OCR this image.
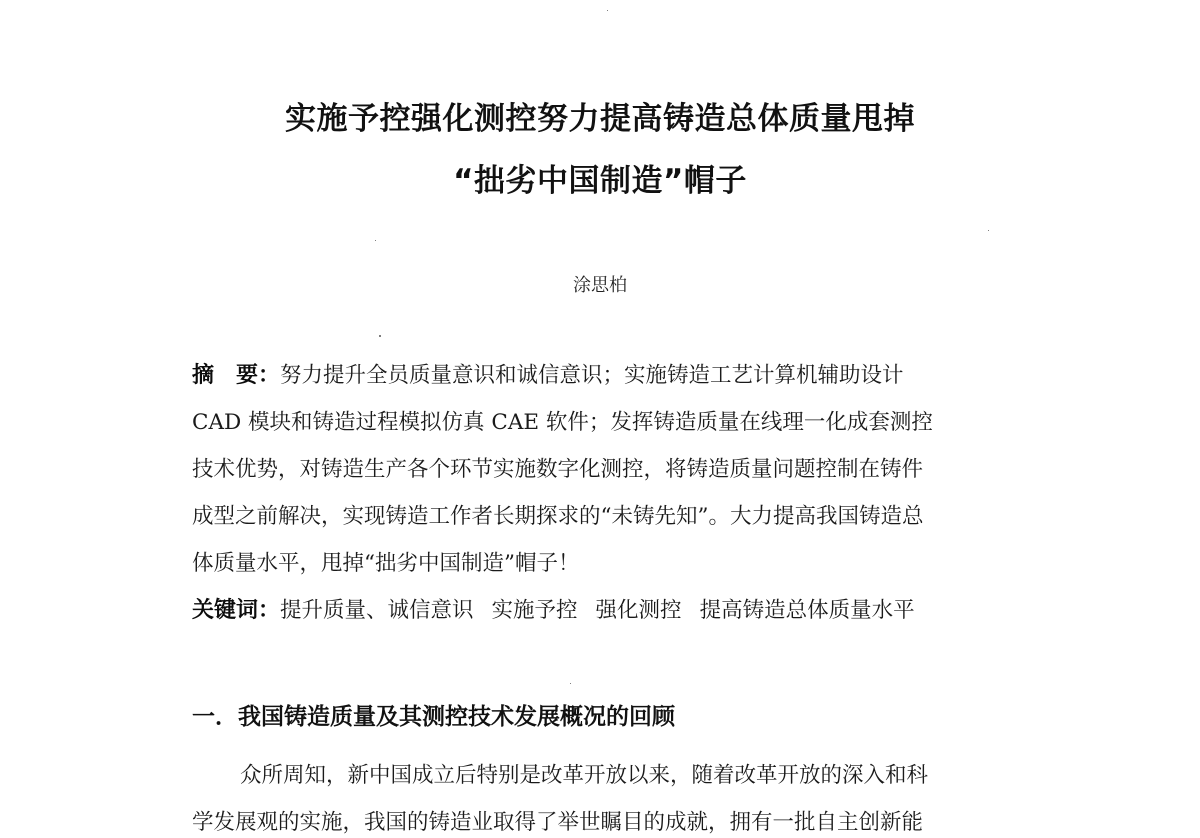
实施予控强化测控努力提高铸造总体质量甩掉
“拙劣中国制造”帽子
涂思柏
摘　要：努力提升全员质量意识和诚信意识；实施铸造工艺计算机辅助设计
CAD 模块和铸造过程模拟仿真 CAE 软件；发挥铸造质量在线理一化成套测控
技术优势，对铸造生产各个环节实施数字化测控，将铸造质量问题控制在铸件
成型之前解决，实现铸造工作者长期探求的“未铸先知”。大力提高我国铸造总
体质量水平，甩掉“拙劣中国制造”帽子！
关键词：提升质量、诚信意识 实施予控 强化测控 提高铸造总体质量水平
一．我国铸造质量及其测控技术发展概况的回顾
众所周知，新中国成立后特别是改革开放以来，随着改革开放的深入和科
学发展观的实施，我国的铸造业取得了举世瞩目的成就，拥有一批自主创新能
